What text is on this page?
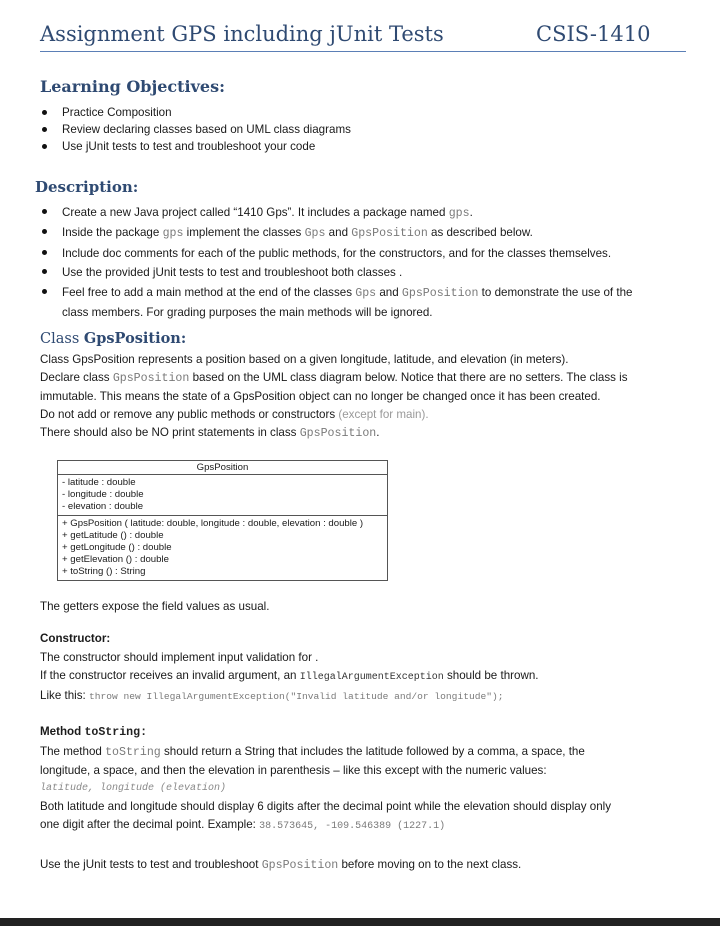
Assignment GPS including jUnit Tests	CSIS-1410
Learning Objectives:
Practice Composition
Review declaring classes based on UML class diagrams
Use jUnit tests to test and troubleshoot your code
Description:
Create a new Java project called “1410 Gps”. It includes a package named gps.
Inside the package gps implement the classes Gps and GpsPosition as described below.
Include doc comments for each of the public methods, for the constructors, and for the classes themselves.
Use the provided jUnit tests to test and troubleshoot both classes .
Feel free to add a main method at the end of the classes Gps and GpsPosition to demonstrate the use of the
class members. For grading purposes the main methods will be ignored.
Class GpsPosition:
Class GpsPosition represents a position based on a given longitude, latitude, and elevation (in meters).
Declare class GpsPosition based on the UML class diagram below. Notice that there are no setters. The class is
immutable. This means the state of a GpsPosition object can no longer be changed once it has been created.
Do not add or remove any public methods or constructors (except for main).
There should also be NO print statements in class GpsPosition.
GpsPosition
- latitude : double
- longitude : double
- elevation : double
+ GpsPosition ( latitude: double, longitude : double, elevation : double )
+ getLatitude () : double
+ getLongitude () : double
+ getElevation () : double
+ toString () : String
The getters expose the field values as usual.
Constructor:
The constructor should implement input validation for .
If the constructor receives an invalid argument, an IllegalArgumentException should be thrown.
Like this: throw new IllegalArgumentException("Invalid latitude and/or longitude");
Method toString:
The method toString should return a String that includes the latitude followed by a comma, a space, the
longitude, a space, and then the elevation in parenthesis – like this except with the numeric values:
latitude, longitude (elevation)
Both latitude and longitude should display 6 digits after the decimal point while the elevation should display only
one digit after the decimal point. Example: 38.573645, -109.546389 (1227.1)
Use the jUnit tests to test and troubleshoot GpsPosition before moving on to the next class.
